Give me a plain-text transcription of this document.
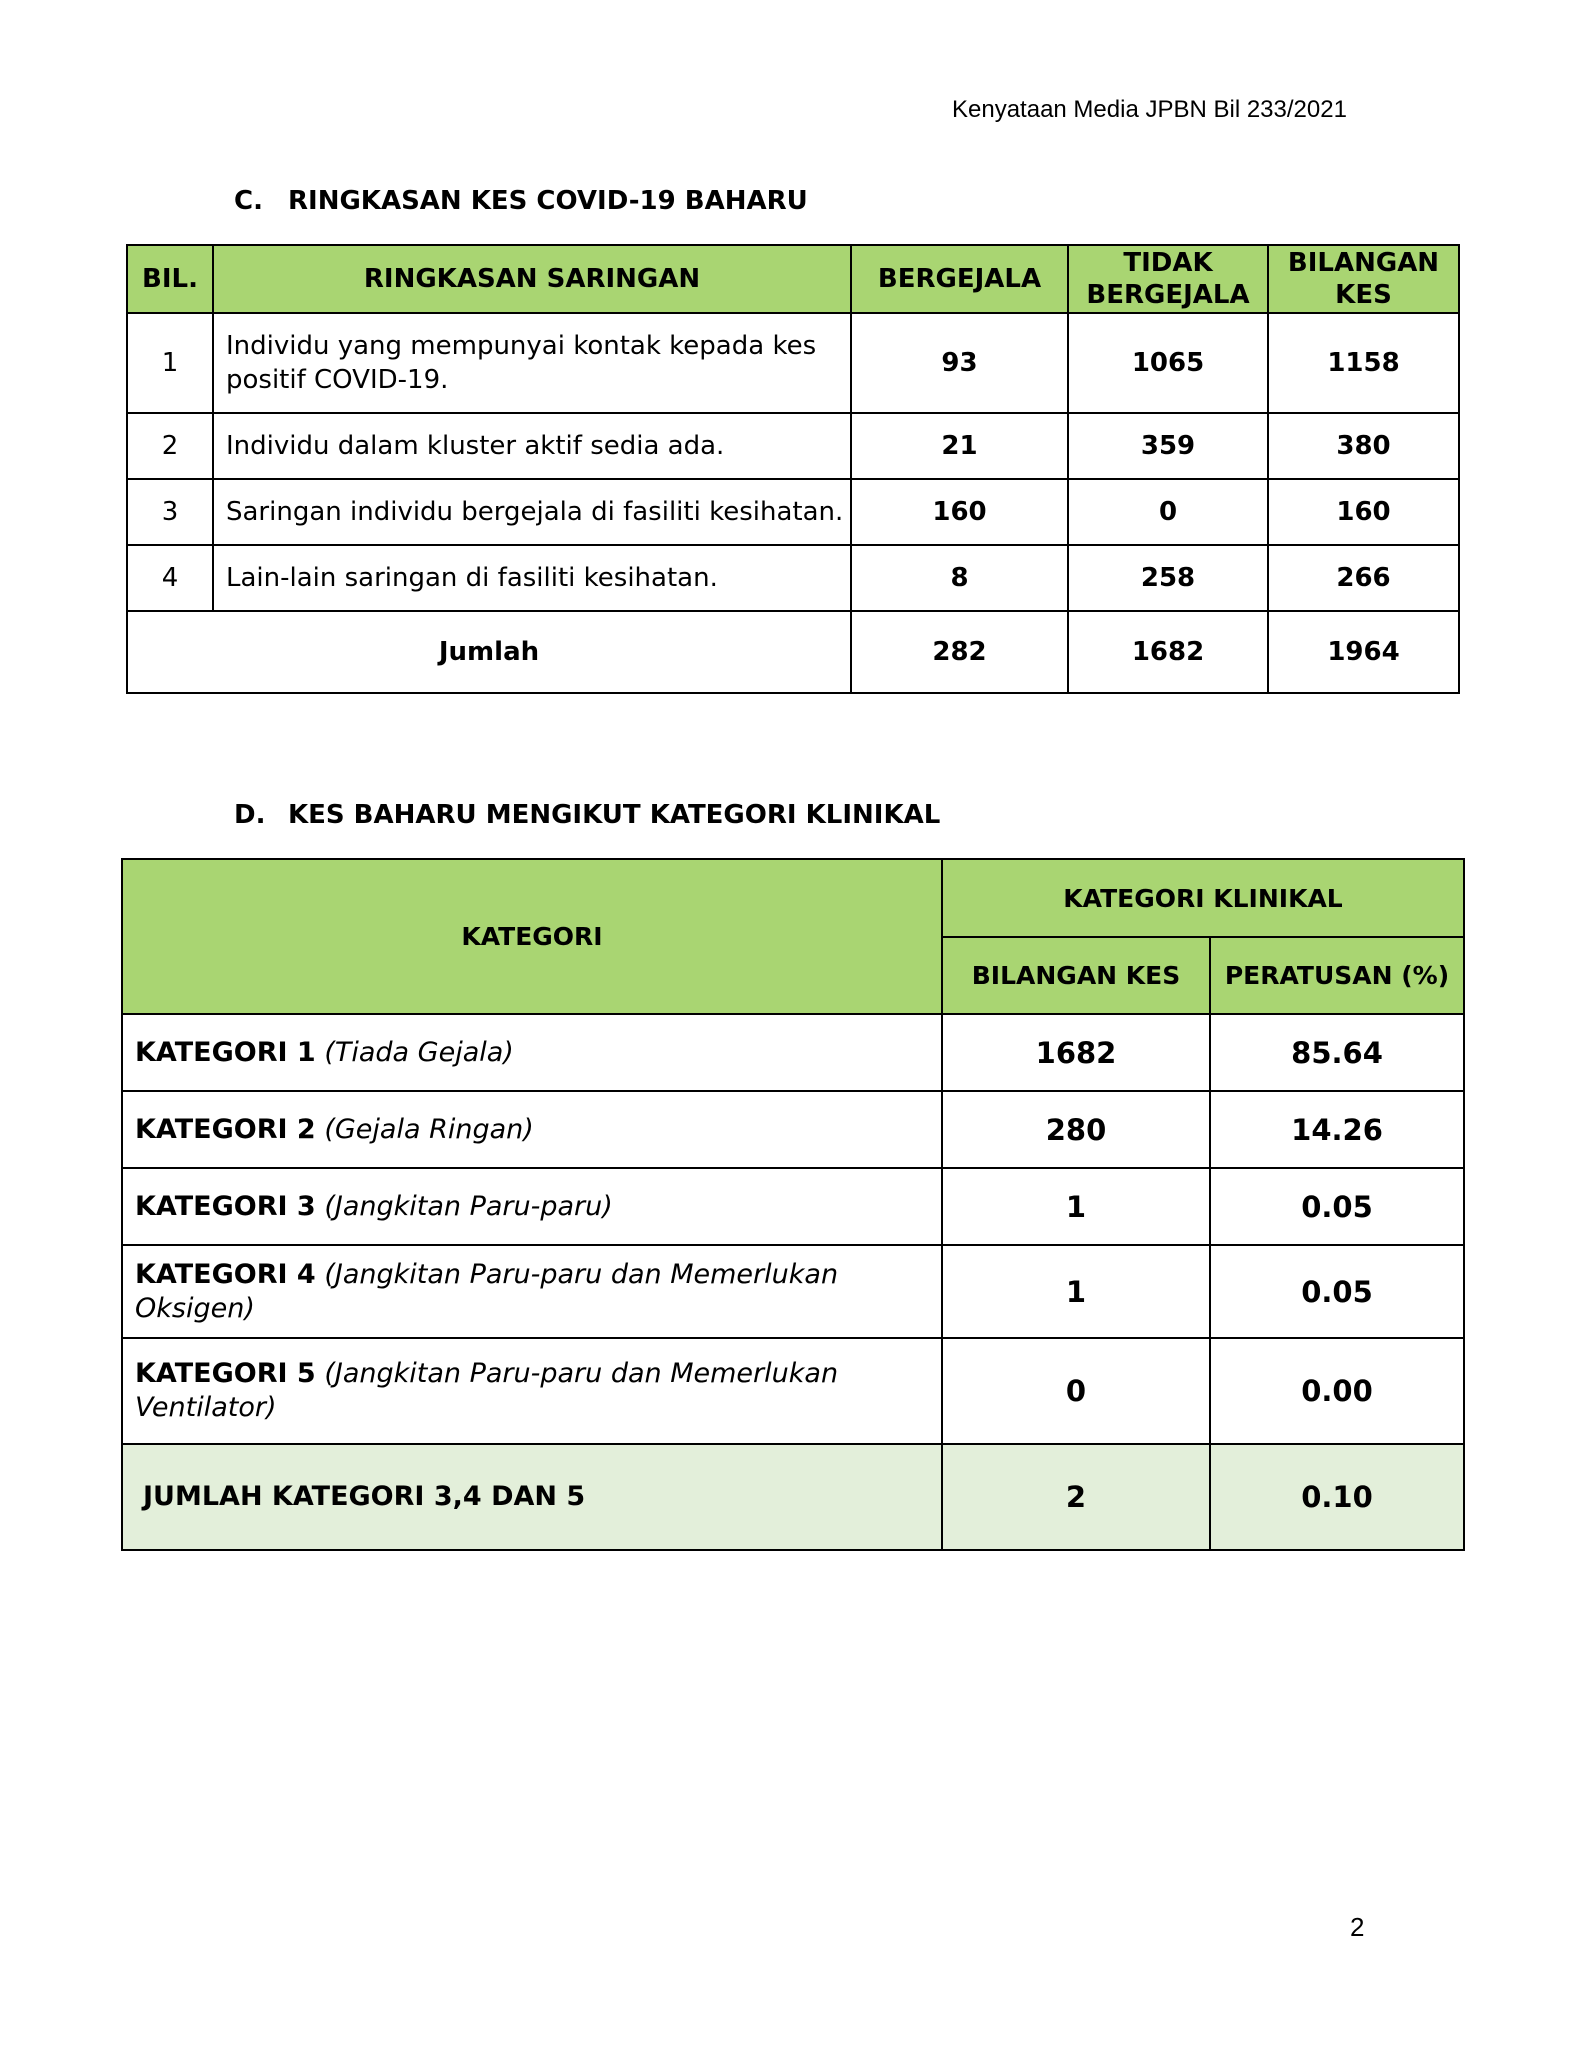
Kenyataan Media JPBN Bil 233/2021
C. RINGKASAN KES COVID-19 BAHARU
BIL.	RINGKASAN SARINGAN	BERGEJALA	TIDAK BERGEJALA	BILANGAN KES
1	Individu yang mempunyai kontak kepada kes positif COVID-19.	93	1065	1158
2	Individu dalam kluster aktif sedia ada.	21	359	380
3	Saringan individu bergejala di fasiliti kesihatan.	160	0	160
4	Lain-lain saringan di fasiliti kesihatan.	8	258	266
Jumlah		282	1682	1964
D. KES BAHARU MENGIKUT KATEGORI KLINIKAL
KATEGORI	KATEGORI KLINIKAL	
	BILANGAN KES	PERATUSAN (%)
KATEGORI 1 (Tiada Gejala)	1682	85.64
KATEGORI 2 (Gejala Ringan)	280	14.26
KATEGORI 3 (Jangkitan Paru-paru)	1	0.05
KATEGORI 4 (Jangkitan Paru-paru dan Memerlukan Oksigen)	1	0.05
KATEGORI 5 (Jangkitan Paru-paru dan Memerlukan Ventilator)	0	0.00
JUMLAH KATEGORI 3,4 DAN 5	2	0.10
2
